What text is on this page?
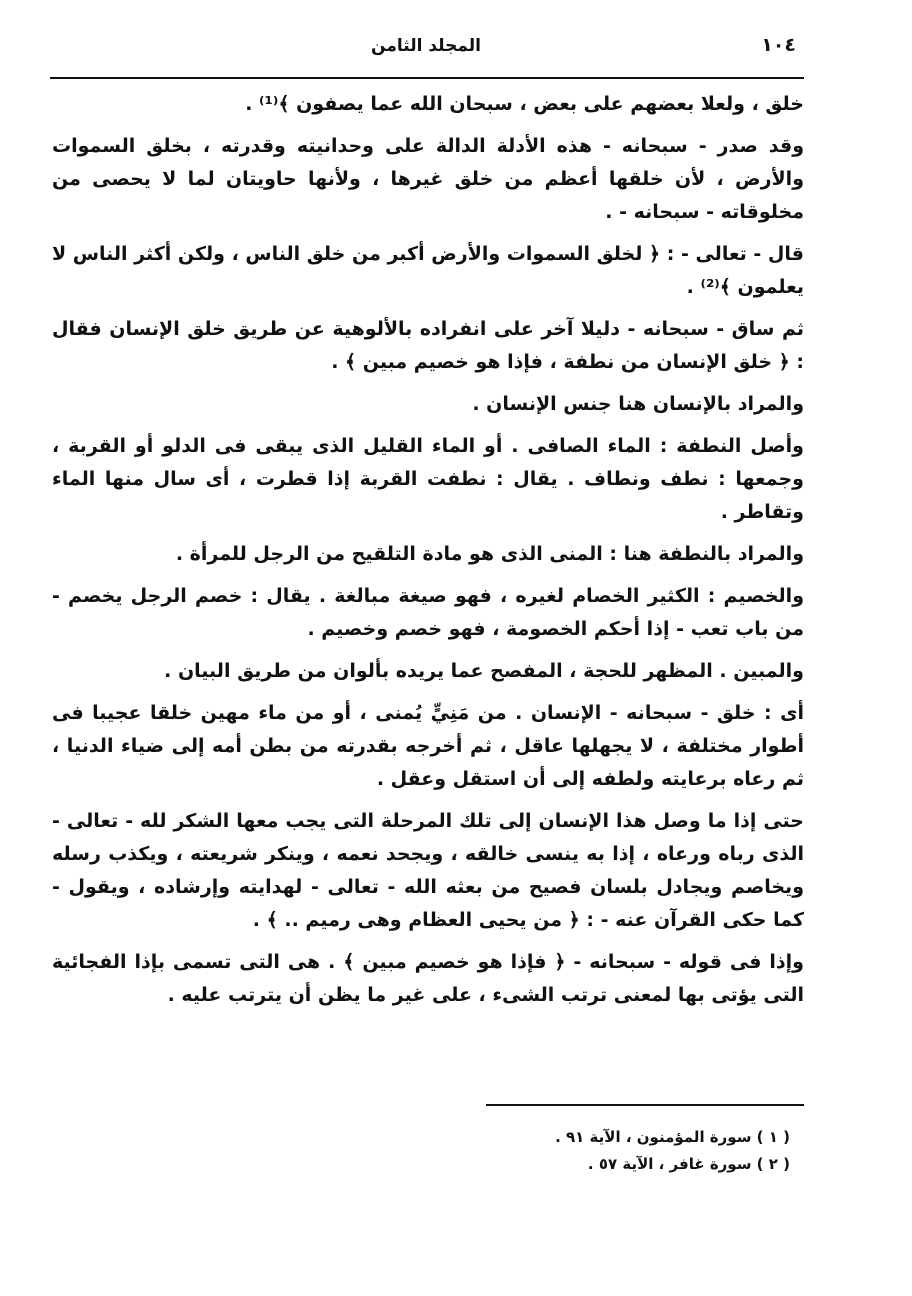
١٠٤
المجلد الثامن

خلق ، ولعلا بعضهم على بعض ، سبحان الله عما يصفون ﴾⁽¹⁾ .

وقد صدر - سبحانه - هذه الأدلة الدالة على وحدانيته وقدرته ، بخلق السموات والأرض ، لأن خلقها أعظم من خلق غيرها ، ولأنها حاويتان لما لا يحصى من مخلوقاته - سبحانه - .

قال - تعالى - : ﴿ لخلق السموات والأرض أكبر من خلق الناس ، ولكن أكثر الناس لا يعلمون ﴾⁽²⁾ .

ثم ساق - سبحانه - دليلا آخر على انفراده بالألوهية عن طريق خلق الإنسان فقال : ﴿ خلق الإنسان من نطفة ، فإذا هو خصيم مبين ﴾ .

والمراد بالإنسان هنا جنس الإنسان .

وأصل النطفة : الماء الصافى . أو الماء القليل الذى يبقى فى الدلو أو القربة ، وجمعها : نطف ونطاف . يقال : نطفت القربة إذا قطرت ، أى سال منها الماء وتقاطر .

والمراد بالنطفة هنا : المنى الذى هو مادة التلقيح من الرجل للمرأة .

والخصيم : الكثير الخصام لغيره ، فهو صيغة مبالغة . يقال : خصم الرجل يخصم - من باب تعب - إذا أحكم الخصومة ، فهو خصم وخصيم .

والمبين . المظهر للحجة ، المفصح عما يريده بألوان من طريق البيان .

أى : خلق - سبحانه - الإنسان . من مَنِيٍّ يُمنى ، أو من ماء مهين خلقا عجيبا فى أطوار مختلفة ، لا يجهلها عاقل ، ثم أخرجه بقدرته من بطن أمه إلى ضياء الدنيا ، ثم رعاه برعايته ولطفه إلى أن استقل وعقل .

حتى إذا ما وصل هذا الإنسان إلى تلك المرحلة التى يجب معها الشكر لله - تعالى - الذى رباه ورعاه ، إذا به ينسى خالقه ، ويجحد نعمه ، وينكر شريعته ، ويكذب رسله ويخاصم ويجادل بلسان فصيح من بعثه الله - تعالى - لهدايته وإرشاده ، ويقول - كما حكى القرآن عنه - : ﴿ من يحيى العظام وهى رميم .. ﴾ .

وإذا فى قوله - سبحانه - ﴿ فإذا هو خصيم مبين ﴾ . هى التى تسمى بإذا الفجائية التى يؤتى بها لمعنى ترتب الشىء ، على غير ما يظن أن يترتب عليه .

( ١ ) سورة المؤمنون ، الآية ٩١ .
( ٢ ) سورة غافر ، الآية ٥٧ .
